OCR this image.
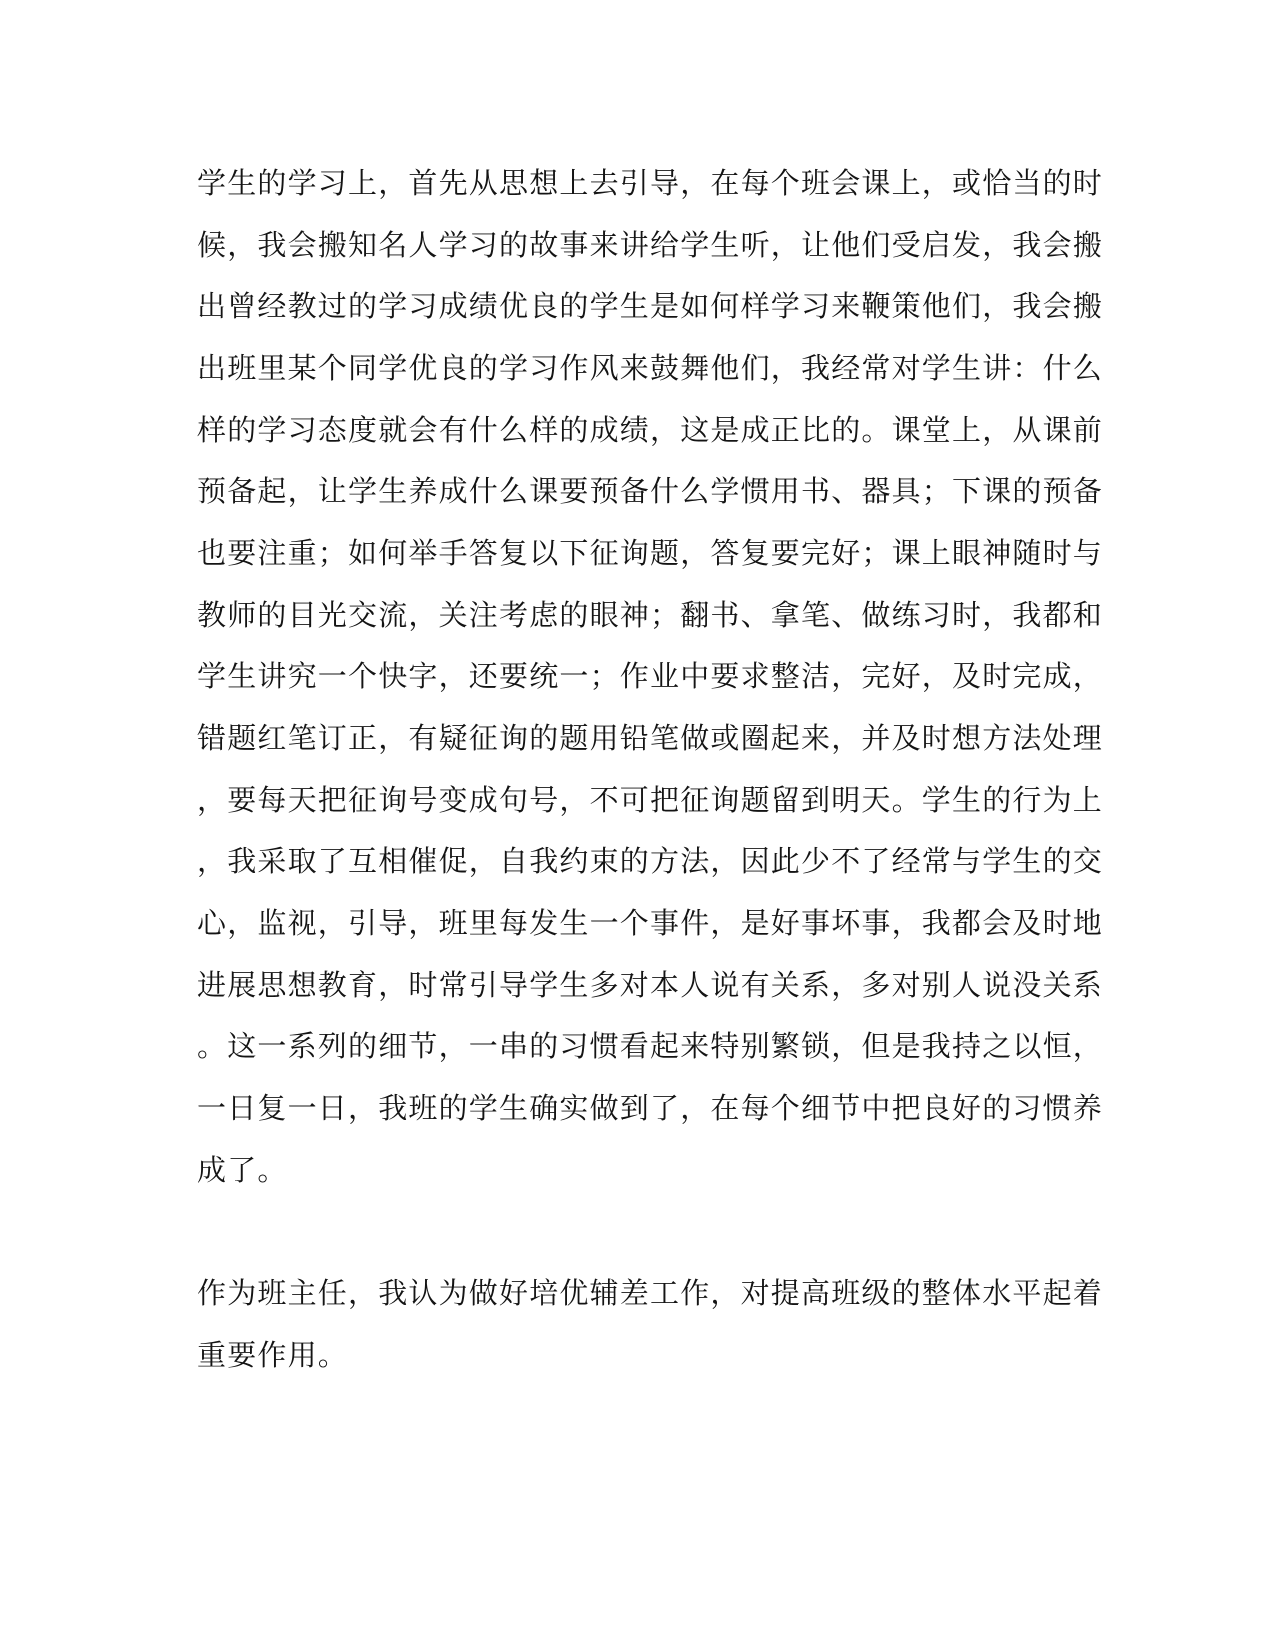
学生的学习上，首先从思想上去引导，在每个班会课上，或恰当的时
候，我会搬知名人学习的故事来讲给学生听，让他们受启发，我会搬
出曾经教过的学习成绩优良的学生是如何样学习来鞭策他们，我会搬
出班里某个同学优良的学习作风来鼓舞他们，我经常对学生讲：什么
样的学习态度就会有什么样的成绩，这是成正比的。课堂上，从课前
预备起，让学生养成什么课要预备什么学惯用书、器具；下课的预备
也要注重；如何举手答复以下征询题，答复要完好；课上眼神随时与
教师的目光交流，关注考虑的眼神；翻书、拿笔、做练习时，我都和
学生讲究一个快字，还要统一；作业中要求整洁，完好，及时完成，
错题红笔订正，有疑征询的题用铅笔做或圈起来，并及时想方法处理
，要每天把征询号变成句号，不可把征询题留到明天。学生的行为上
，我采取了互相催促，自我约束的方法，因此少不了经常与学生的交
心，监视，引导，班里每发生一个事件，是好事坏事，我都会及时地
进展思想教育，时常引导学生多对本人说有关系，多对别人说没关系
。这一系列的细节，一串的习惯看起来特别繁锁，但是我持之以恒，
一日复一日，我班的学生确实做到了，在每个细节中把良好的习惯养
成了。
作为班主任，我认为做好培优辅差工作，对提高班级的整体水平起着
重要作用。
